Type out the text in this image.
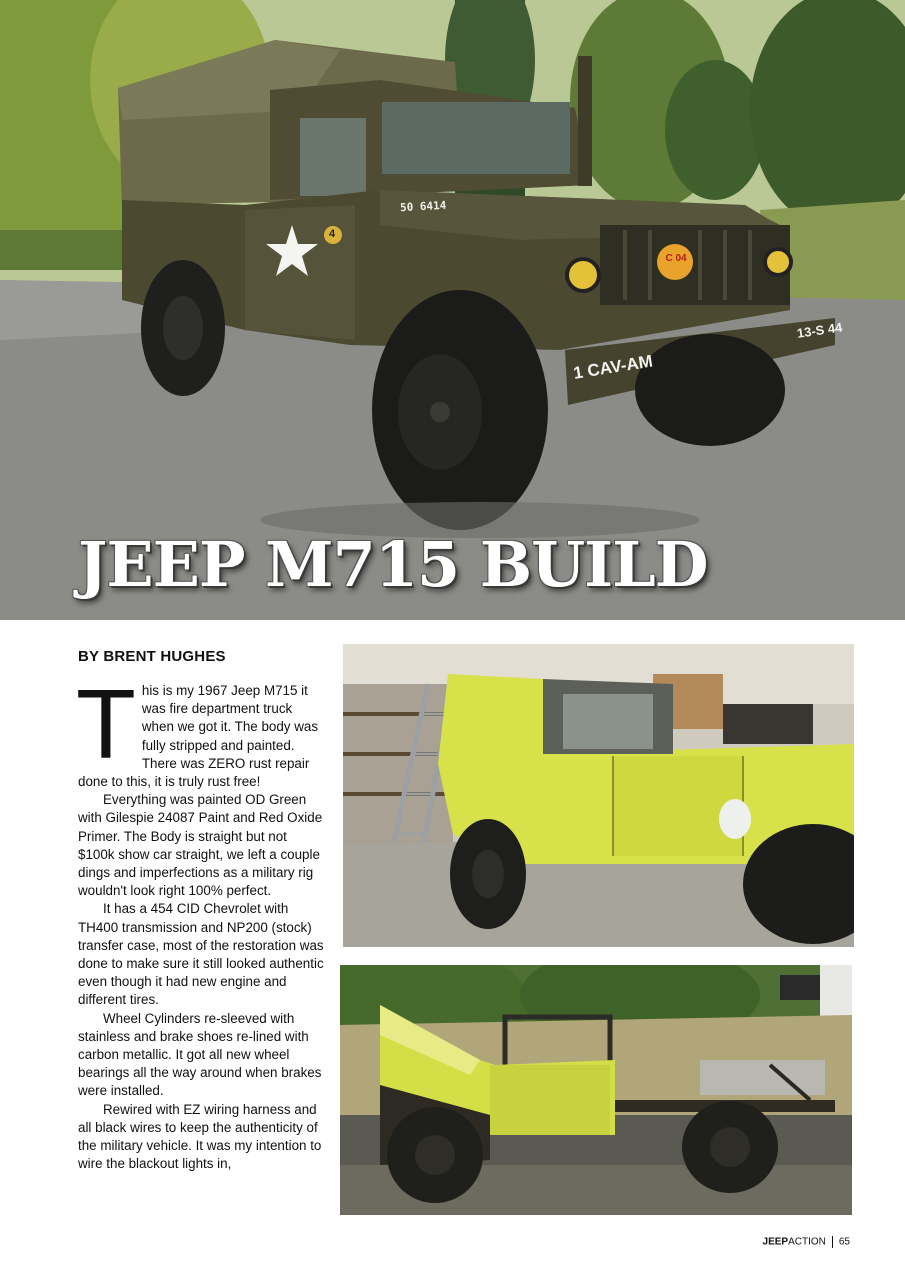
50 6414
4
C 04
1 CAV-AM
13-S 44
JEEP M715 BUILD
BY BRENT HUGHES
T his is my 1967 Jeep M715 it was fire department truck when we got it. The body was fully stripped and painted. There was ZERO rust repair done to this, it is truly rust free!

Everything was painted OD Green with Gilespie 24087 Paint and Red Oxide Primer. The Body is straight but not $100k show car straight, we left a couple dings and imperfections as a military rig wouldn't look right 100% perfect.

It has a 454 CID Chevrolet with TH400 transmission and NP200 (stock) transfer case, most of the restoration was done to make sure it still looked authentic even though it had new engine and different tires.

Wheel Cylinders re-sleeved with stainless and brake shoes re-lined with carbon metallic. It got all new wheel bearings all the way around when brakes were installed.

Rewired with EZ wiring harness and all black wires to keep the authenticity of the military vehicle. It was my intention to wire the blackout lights in,

JEEPACTION 65
